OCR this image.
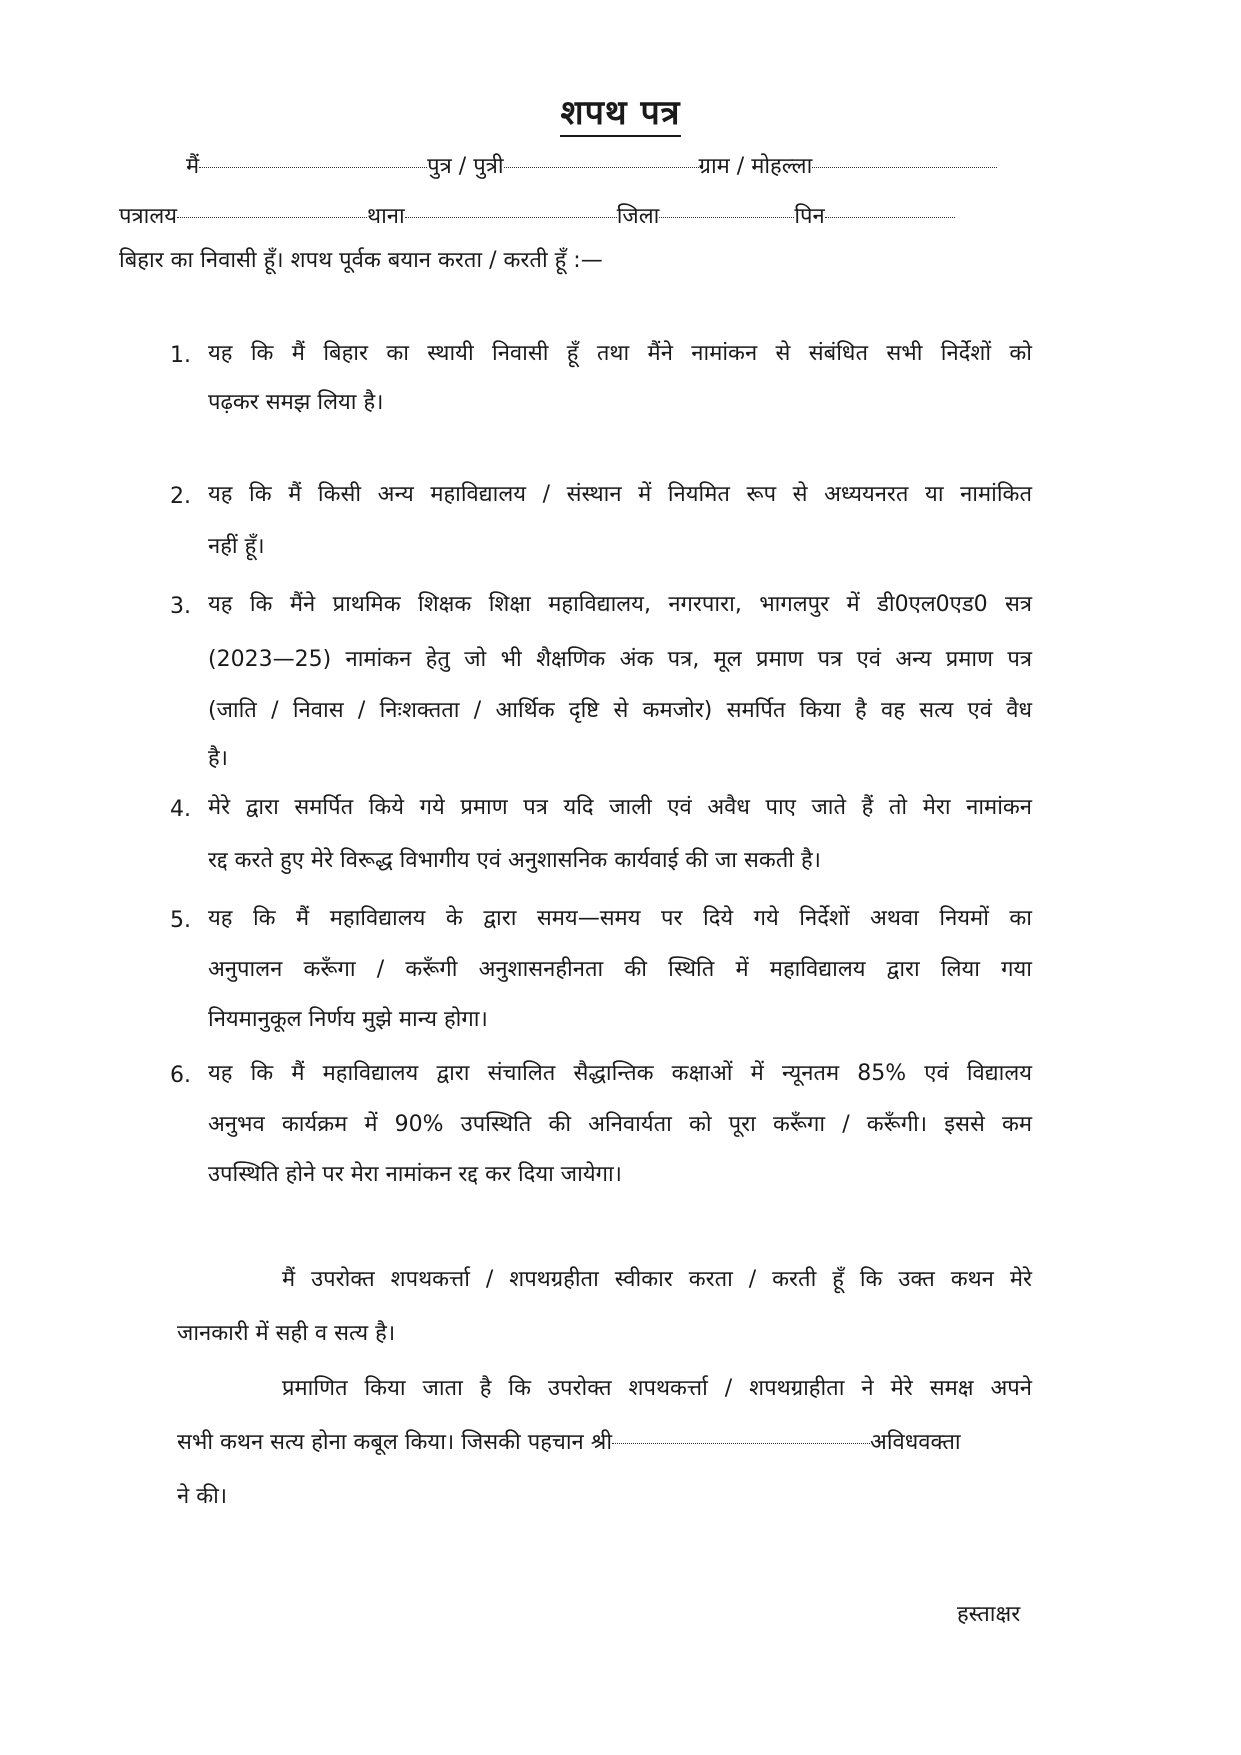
शपथ पत्र
मैं	पुत्र / पुत्री	ग्राम / मोहल्ला
पत्रालय	थाना	जिला	पिन
बिहार का निवासी हूँ। शपथ पूर्वक बयान करता / करती हूँ :—
1. यह कि मैं बिहार का स्थायी निवासी हूँ तथा मैंने नामांकन से संबंधित सभी निर्देशों को
पढ़कर समझ लिया है।
2. यह कि मैं किसी अन्य महाविद्यालय / संस्थान में नियमित रूप से अध्ययनरत या नामांकित
नहीं हूँ।
3. यह कि मैंने प्राथमिक शिक्षक शिक्षा महाविद्यालय, नगरपारा, भागलपुर में डी0एल0एड0 सत्र
(2023—25) नामांकन हेतु जो भी शैक्षणिक अंक पत्र, मूल प्रमाण पत्र एवं अन्य प्रमाण पत्र
(जाति / निवास / निःशक्तता / आर्थिक दृष्टि से कमजोर) समर्पित किया है वह सत्य एवं वैध
है।
4. मेरे द्वारा समर्पित किये गये प्रमाण पत्र यदि जाली एवं अवैध पाए जाते हैं तो मेरा नामांकन
रद्द करते हुए मेरे विरूद्ध विभागीय एवं अनुशासनिक कार्यवाई की जा सकती है।
5. यह कि मैं महाविद्यालय के द्वारा समय—समय पर दिये गये निर्देशों अथवा नियमों का
अनुपालन करूँगा / करूँगी अनुशासनहीनता की स्थिति में महाविद्यालय द्वारा लिया गया
नियमानुकूल निर्णय मुझे मान्य होगा।
6. यह कि मैं महाविद्यालय द्वारा संचालित सैद्धान्तिक कक्षाओं में न्यूनतम 85% एवं विद्यालय
अनुभव कार्यक्रम में 90% उपस्थिति की अनिवार्यता को पूरा करूँगा / करूँगी। इससे कम
उपस्थिति होने पर मेरा नामांकन रद्द कर दिया जायेगा।
मैं उपरोक्त शपथकर्त्ता / शपथग्रहीता स्वीकार करता / करती हूँ कि उक्त कथन मेरे
जानकारी में सही व सत्य है।
प्रमाणित किया जाता है कि उपरोक्त शपथकर्त्ता / शपथग्राहीता ने मेरे समक्ष अपने
सभी कथन सत्य होना कबूल किया। जिसकी पहचान श्री	अविधवक्ता
ने की।
हस्ताक्षर
